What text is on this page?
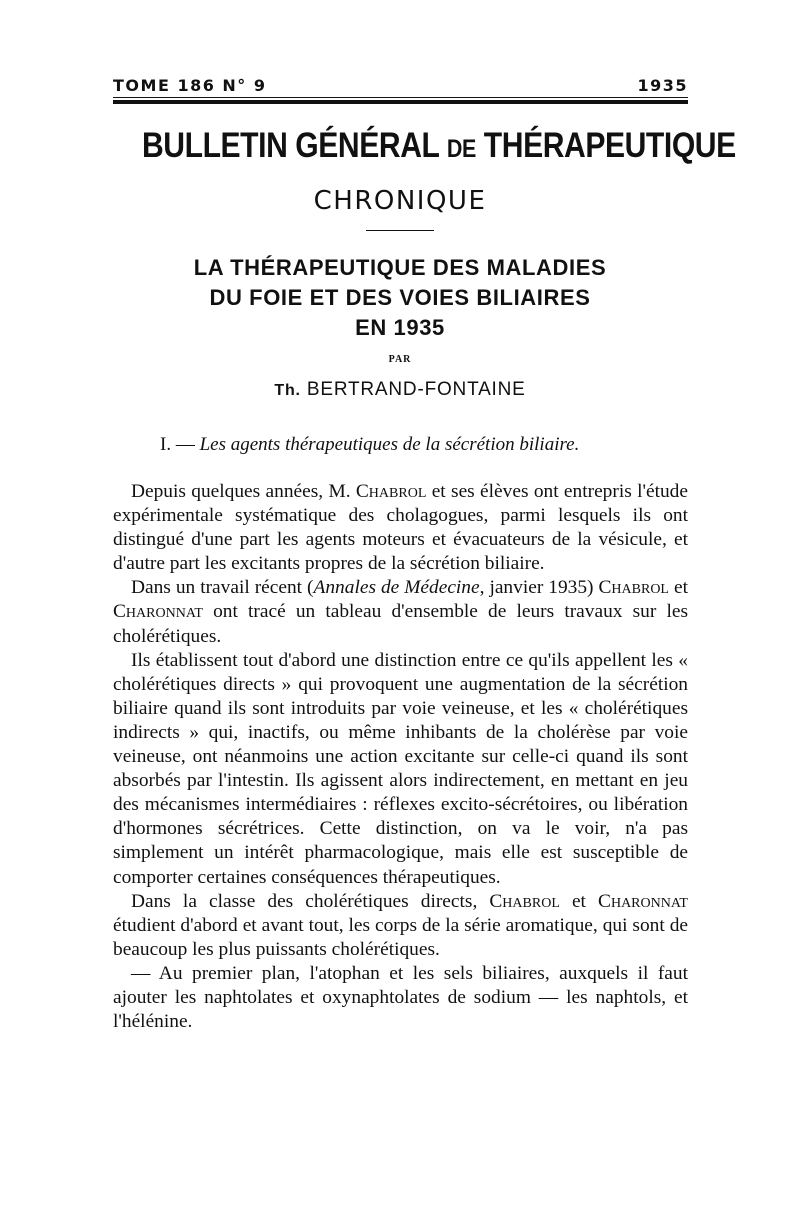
TOME 186 N° 9	1935
BULLETIN GÉNÉRAL DE THÉRAPEUTIQUE
CHRONIQUE
LA THÉRAPEUTIQUE DES MALADIES
DU FOIE ET DES VOIES BILIAIRES
EN 1935
PAR
Th. BERTRAND-FONTAINE
I. — Les agents thérapeutiques de la sécrétion biliaire.

Depuis quelques années, M. Chabrol et ses élèves ont entrepris l'étude expérimentale systématique des cholagogues, parmi lesquels ils ont distingué d'une part les agents moteurs et évacuateurs de la vésicule, et d'autre part les excitants propres de la sécrétion biliaire.

Dans un travail récent (Annales de Médecine, janvier 1935) Chabrol et Charonnat ont tracé un tableau d'ensemble de leurs travaux sur les cholérétiques.

Ils établissent tout d'abord une distinction entre ce qu'ils appellent les « cholérétiques directs » qui provoquent une augmentation de la sécrétion biliaire quand ils sont introduits par voie veineuse, et les « cholérétiques indirects » qui, inactifs, ou même inhibants de la cholérèse par voie veineuse, ont néanmoins une action excitante sur celle-ci quand ils sont absorbés par l'intestin. Ils agissent alors indirectement, en mettant en jeu des mécanismes intermédiaires : réflexes excito-sécrétoires, ou libération d'hormones sécrétrices. Cette distinction, on va le voir, n'a pas simplement un intérêt pharmacologique, mais elle est susceptible de comporter certaines conséquences thérapeutiques.

Dans la classe des cholérétiques directs, Chabrol et Charonnat étudient d'abord et avant tout, les corps de la série aromatique, qui sont de beaucoup les plus puissants cholérétiques.

— Au premier plan, l'atophan et les sels biliaires, auxquels il faut ajouter les naphtolates et oxynaphtolates de sodium — les naphtols, et l'hélénine.
